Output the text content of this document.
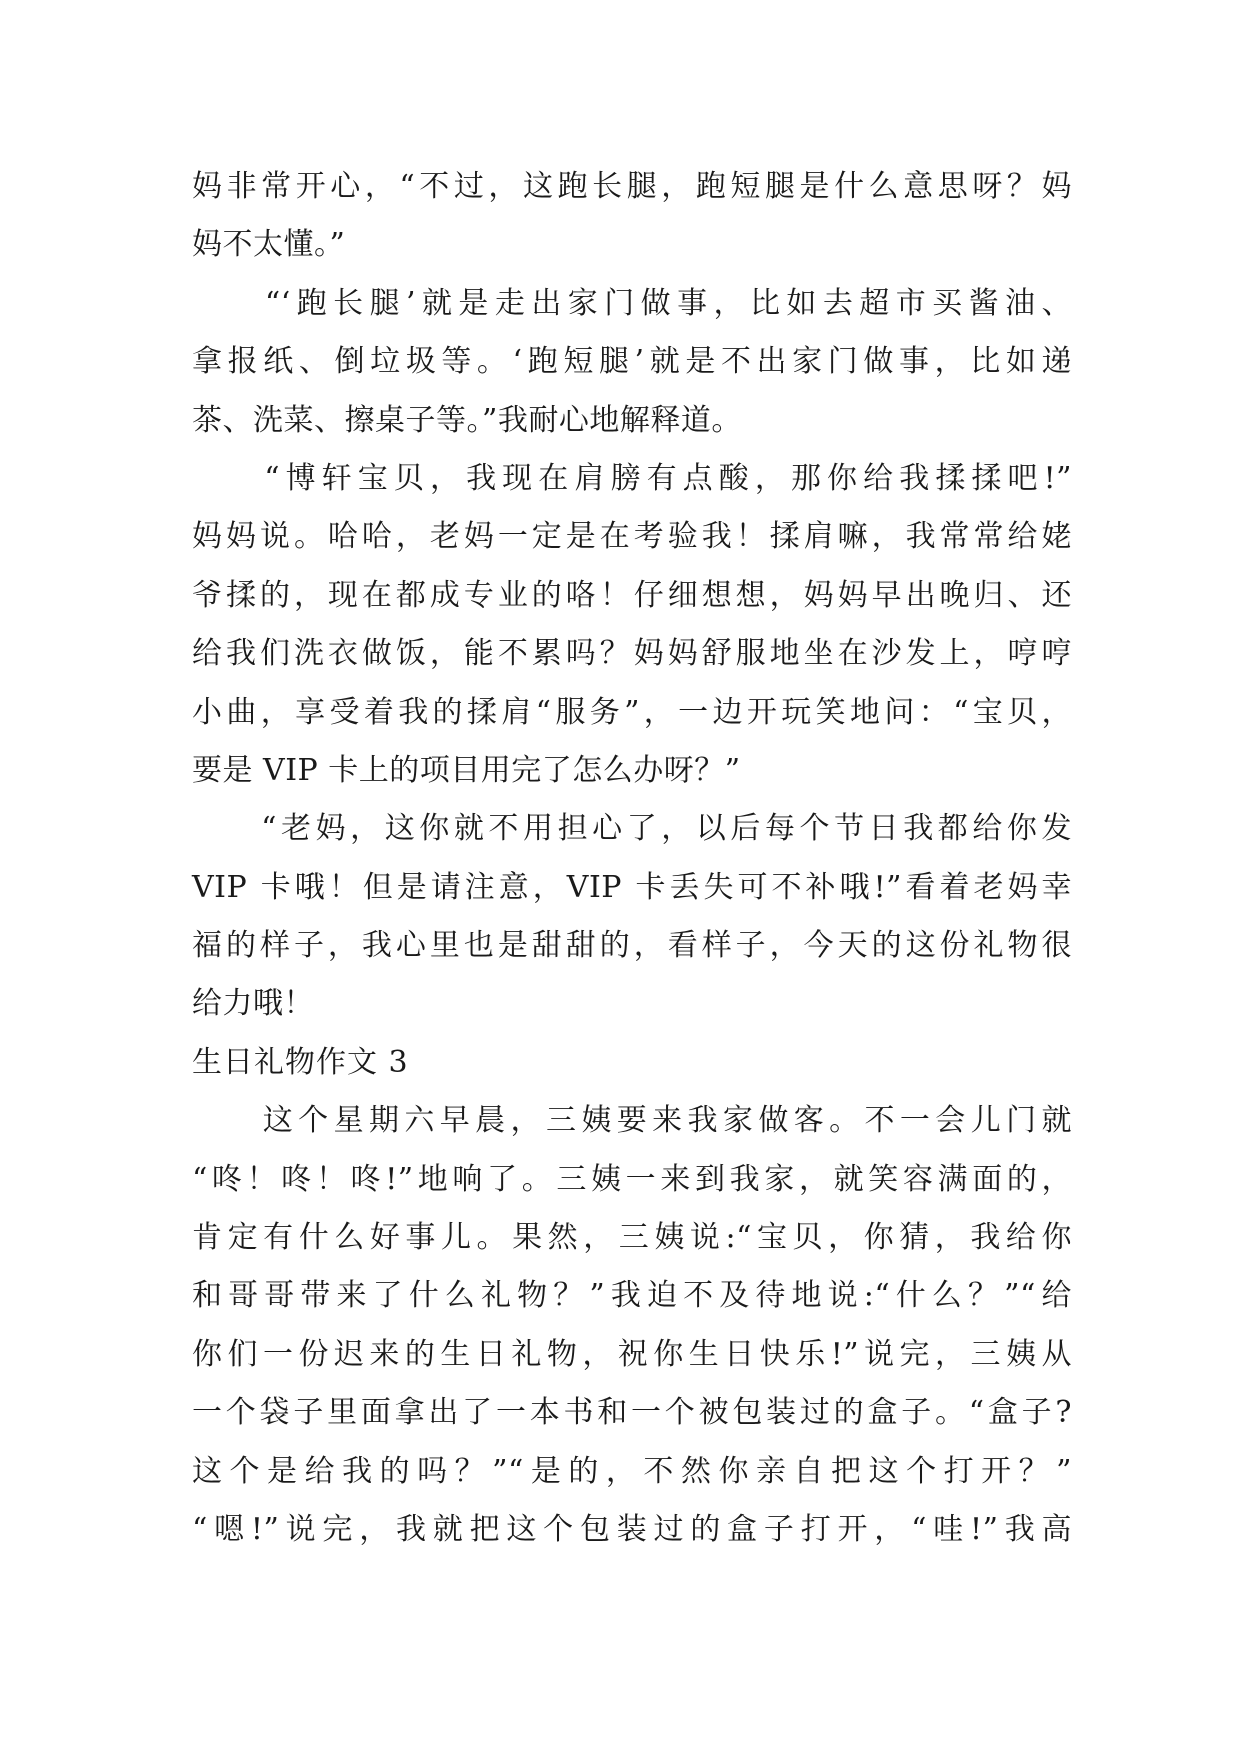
妈非常开心，“不过，这跑长腿，跑短腿是什么意思呀？妈
妈不太懂。”
　　“‘跑长腿’就是走出家门做事，比如去超市买酱油、
拿报纸、倒垃圾等。‘跑短腿’就是不出家门做事，比如递
茶、洗菜、擦桌子等。”我耐心地解释道。
　　“博轩宝贝，我现在肩膀有点酸，那你给我揉揉吧!”
妈妈说。哈哈，老妈一定是在考验我！揉肩嘛，我常常给姥
爷揉的，现在都成专业的咯！仔细想想，妈妈早出晚归、还
给我们洗衣做饭，能不累吗？妈妈舒服地坐在沙发上，哼哼
小曲，享受着我的揉肩“服务”，一边开玩笑地问：“宝贝，
要是 VIP 卡上的项目用完了怎么办呀？”
　　“老妈，这你就不用担心了，以后每个节日我都给你发
VIP 卡哦！但是请注意，VIP 卡丢失可不补哦!”看着老妈幸
福的样子，我心里也是甜甜的，看样子，今天的这份礼物很
给力哦！
生日礼物作文 3
　　这个星期六早晨，三姨要来我家做客。不一会儿门就
“咚！咚！咚!”地响了。三姨一来到我家，就笑容满面的，
肯定有什么好事儿。果然，三姨说:“宝贝，你猜，我给你
和哥哥带来了什么礼物？”我迫不及待地说:“什么？”“给
你们一份迟来的生日礼物，祝你生日快乐!”说完，三姨从
一个袋子里面拿出了一本书和一个被包装过的盒子。“盒子?
这个是给我的吗？”“是的，不然你亲自把这个打开？”
“嗯!”说完，我就把这个包装过的盒子打开，“哇!”我高
